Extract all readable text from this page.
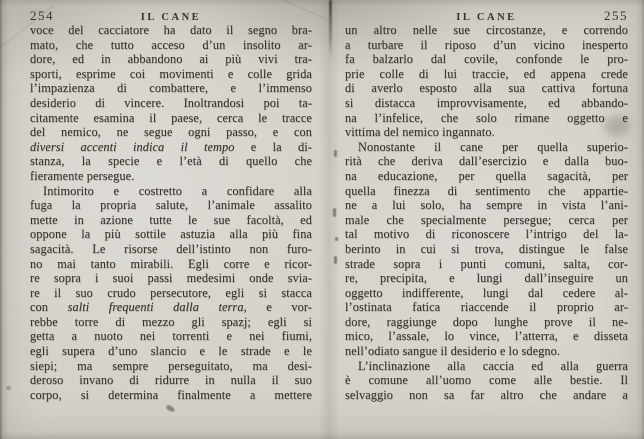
254	IL CANE
voce del cacciatore ha dato il segno bra-
mato, che tutto acceso d’un insolito ar-
dore, ed in abbandono ai più vivi tra-
sporti, esprime coi movimenti e colle grida
l’impazienza di combattere, e l’immenso
desiderio di vincere. Inoltrandosi poi ta-
citamente esamina il paese, cerca le tracce
del nemico, ne segue ogni passo, e con
diversi accenti indica il tempo e la di-
stanza, la specie e l’età di quello che
fieramente persegue.
Intimorito e costretto a confidare alla
fuga la propria salute, l’animale assalito
mette in azione tutte le sue facoltà, ed
oppone la più sottile astuzia alla più fina
sagacità. Le risorse dell’istinto non furo-
no mai tanto mirabili. Egli corre e ricor-
re sopra i suoi passi medesimi onde svia-
re il suo crudo persecutore, egli si stacca
con salti frequenti dalla terra, e vor-
rebbe torre di mezzo gli spazj; egli si
getta a nuoto nei torrenti e nei fiumi,
egli supera d’uno slancio e le strade e le
siepi; ma sempre perseguitato, ma desi-
deroso invano di ridurre in nulla il suo
corpo, si determina finalmente a mettere
IL CANE	255
un altro nelle sue circostanze, e correndo
a turbare il riposo d’un vicino inesperto
fa balzarlo dal covile, confonde le pro-
prie colle di lui traccie, ed appena crede
di averlo esposto alla sua cattiva fortuna
si distacca improvvisamente, ed abbando-
na l’infelice, che solo rimane oggetto e
vittima del nemico ingannato.
Nonostante il cane per quella superio-
rità che deriva dall’esercizio e dalla buo-
na educazione, per quella sagacità, per
quella finezza di sentimento che appartie-
ne a lui solo, ha sempre in vista l’ani-
male che specialmente persegue; cerca per
tal motivo di riconoscere l’intrigo del la-
berinto in cui si trova, distingue le false
strade sopra i punti comuni, salta, cor-
re, precipita, e lungi dall’inseguire un
oggetto indifferente, lungi dal cedere al-
l’ostinata fatica riaccende il proprio ar-
dore, raggiunge dopo lunghe prove il ne-
mico, l’assale, lo vince, l’atterra, e disseta
nell’odiato sangue il desiderio e lo sdegno.
L’inclinazione alla caccia ed alla guerra
è comune all’uomo come alle bestie. Il
selvaggio non sa far altro che andare a
